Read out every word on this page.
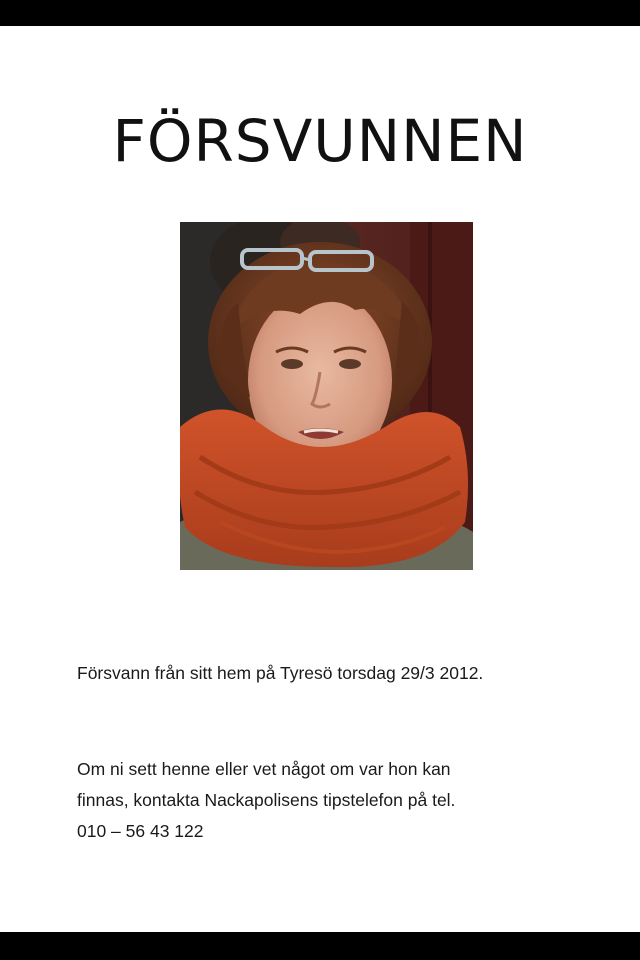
FÖRSVUNNEN

Försvann från sitt hem på Tyresö torsdag 29/3 2012.

Om ni sett henne eller vet något om var hon kan
finnas, kontakta Nackapolisens tipstelefon på tel.
010 – 56 43 122
